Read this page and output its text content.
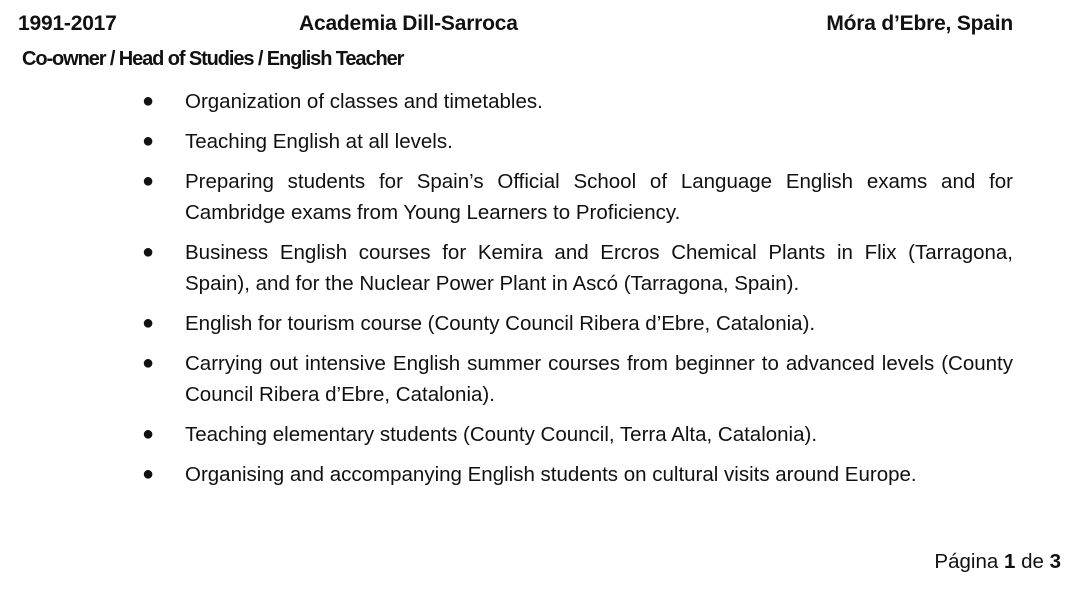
1991-2017	Academia Dill-Sarroca	Móra d’Ebre, Spain
Co-owner / Head of Studies / English Teacher
● Organization of classes and timetables.
● Teaching English at all levels.
● Preparing students for Spain’s Official School of Language English exams and for Cambridge exams from Young Learners to Proficiency.
● Business English courses for Kemira and Ercros Chemical Plants in Flix (Tarragona, Spain), and for the Nuclear Power Plant in Ascó (Tarragona, Spain).
● English for tourism course (County Council Ribera d’Ebre, Catalonia).
● Carrying out intensive English summer courses from beginner to advanced levels (County Council Ribera d’Ebre, Catalonia).
● Teaching elementary students (County Council, Terra Alta, Catalonia).
● Organising and accompanying English students on cultural visits around Europe.
Página 1 de 3
